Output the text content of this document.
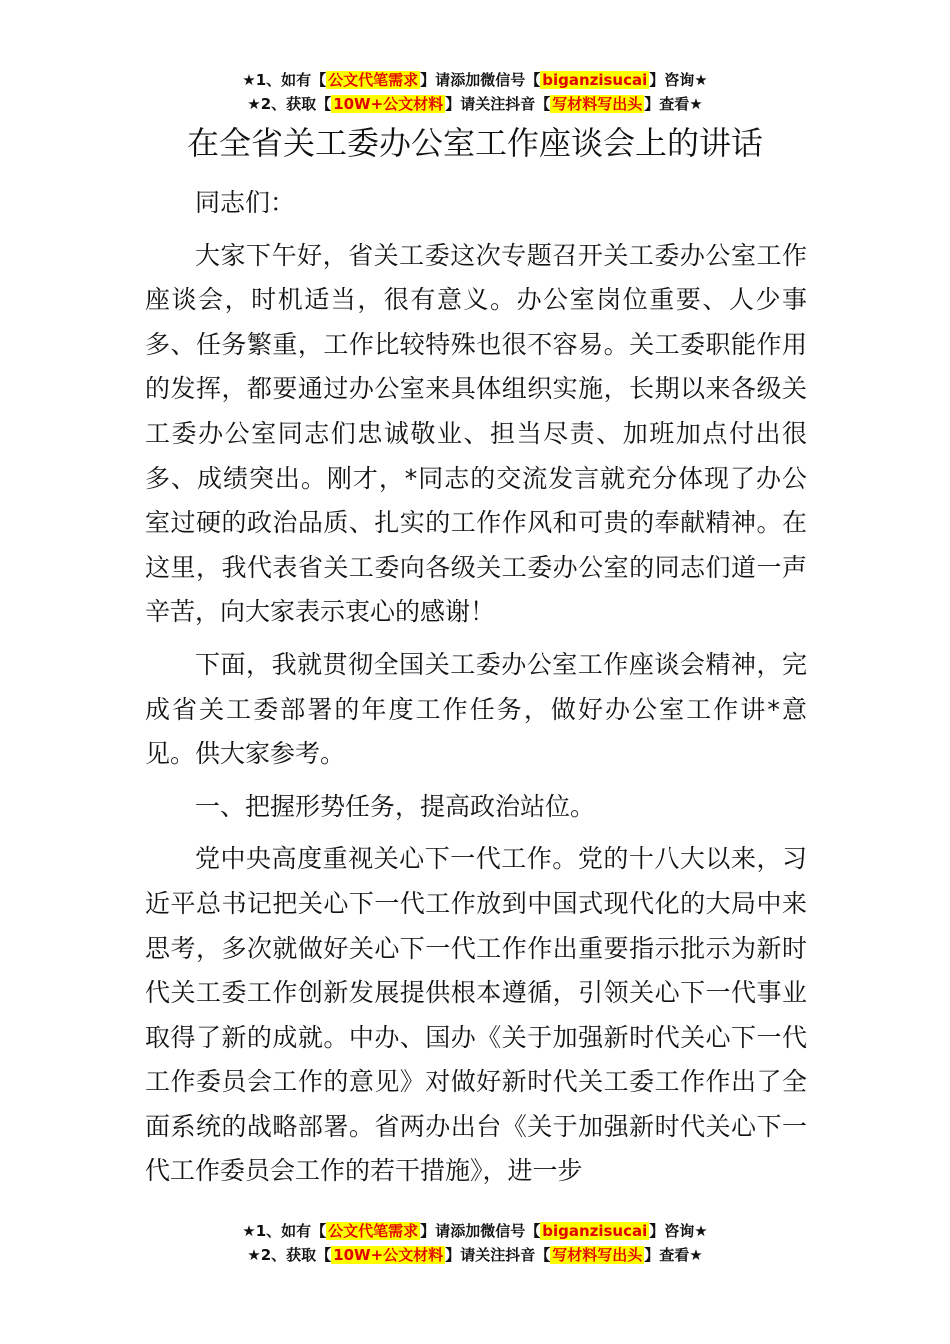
★1、如有【 公文代笔需求 】请添加微信号【 biganzisucai 】咨询★
★2、获取【 10W+公文材料 】请关注抖音【 写材料写出头 】查看★
在全省关工委办公室工作座谈会上的讲话

同志们：

大家下午好，省关工委这次专题召开关工委办公室工作座谈会，时机适当，很有意义。办公室岗位重要、人少事多、任务繁重，工作比较特殊也很不容易。关工委职能作用的发挥，都要通过办公室来具体组织实施，长期以来各级关工委办公室同志们忠诚敬业、担当尽责、加班加点付出很多、成绩突出。刚才，*同志的交流发言就充分体现了办公室过硬的政治品质、扎实的工作作风和可贵的奉献精神。在这里，我代表省关工委向各级关工委办公室的同志们道一声辛苦，向大家表示衷心的感谢！

下面，我就贯彻全国关工委办公室工作座谈会精神，完成省关工委部署的年度工作任务，做好办公室工作讲*意见。供大家参考。

一、把握形势任务，提高政治站位。

党中央高度重视关心下一代工作。党的十八大以来，习近平总书记把关心下一代工作放到中国式现代化的大局中来思考，多次就做好关心下一代工作作出重要指示批示为新时代关工委工作创新发展提供根本遵循，引领关心下一代事业取得了新的成就。中办、国办《关于加强新时代关心下一代工作委员会工作的意见》对做好新时代关工委工作作出了全面系统的战略部署。省两办出台《关于加强新时代关心下一代工作委员会工作的若干措施》，进一步

★1、如有【 公文代笔需求 】请添加微信号【 biganzisucai 】咨询★
★2、获取【 10W+公文材料 】请关注抖音【 写材料写出头 】查看★
